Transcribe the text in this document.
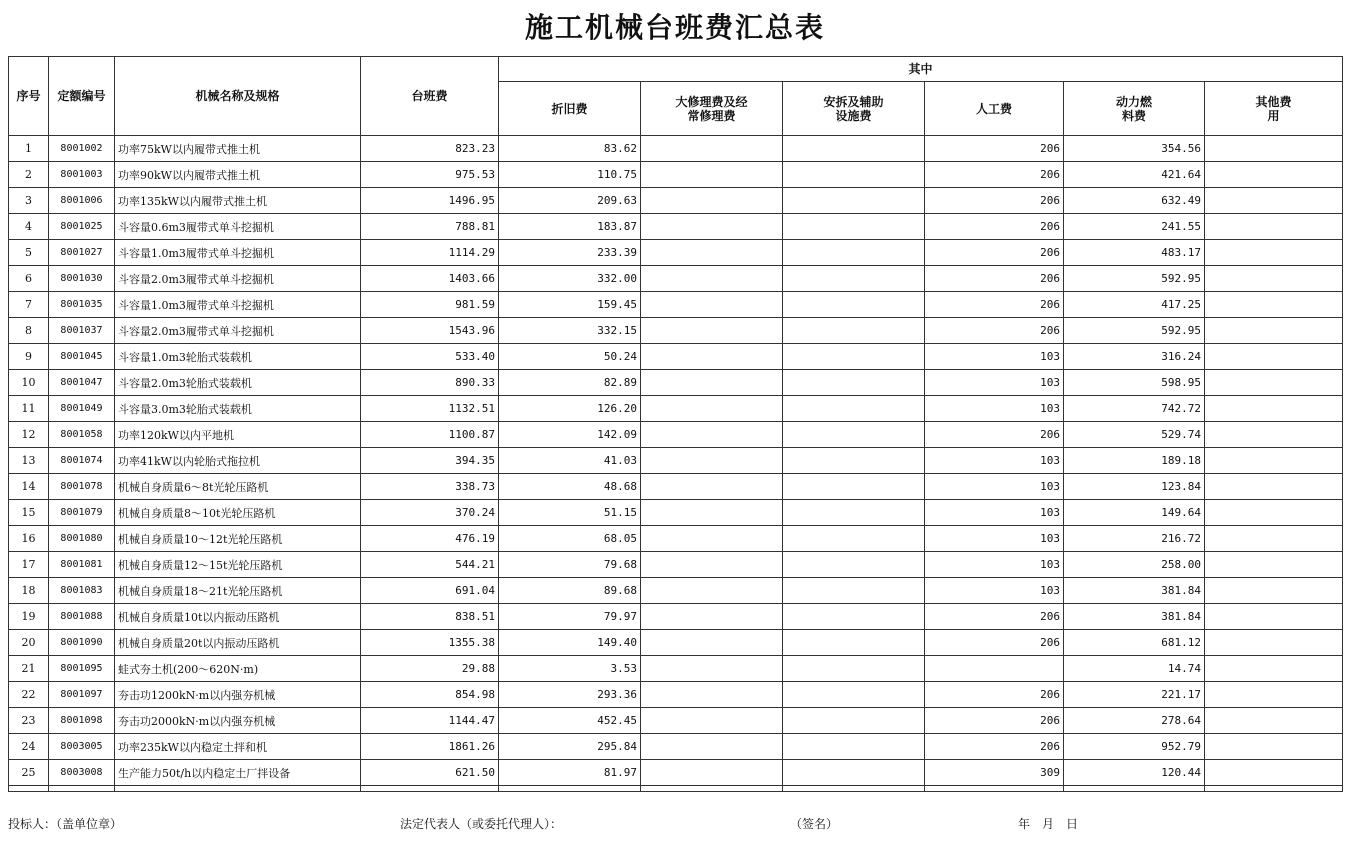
施工机械台班费汇总表
序号	定额编号	机械名称及规格	台班费	其中					
				折旧费	大修理费及经常修理费	安拆及辅助设施费	人工费	动力燃料费	其他费用
1	8001002	功率75kW以内履带式推土机	823.23	83.62			206	354.56	
2	8001003	功率90kW以内履带式推土机	975.53	110.75			206	421.64	
3	8001006	功率135kW以内履带式推土机	1496.95	209.63			206	632.49	
4	8001025	斗容量0.6m3履带式单斗挖掘机	788.81	183.87			206	241.55	
5	8001027	斗容量1.0m3履带式单斗挖掘机	1114.29	233.39			206	483.17	
6	8001030	斗容量2.0m3履带式单斗挖掘机	1403.66	332.00			206	592.95	
7	8001035	斗容量1.0m3履带式单斗挖掘机	981.59	159.45			206	417.25	
8	8001037	斗容量2.0m3履带式单斗挖掘机	1543.96	332.15			206	592.95	
9	8001045	斗容量1.0m3轮胎式装载机	533.40	50.24			103	316.24	
10	8001047	斗容量2.0m3轮胎式装载机	890.33	82.89			103	598.95	
11	8001049	斗容量3.0m3轮胎式装载机	1132.51	126.20			103	742.72	
12	8001058	功率120kW以内平地机	1100.87	142.09			206	529.74	
13	8001074	功率41kW以内轮胎式拖拉机	394.35	41.03			103	189.18	
14	8001078	机械自身质量6～8t光轮压路机	338.73	48.68			103	123.84	
15	8001079	机械自身质量8～10t光轮压路机	370.24	51.15			103	149.64	
16	8001080	机械自身质量10～12t光轮压路机	476.19	68.05			103	216.72	
17	8001081	机械自身质量12～15t光轮压路机	544.21	79.68			103	258.00	
18	8001083	机械自身质量18～21t光轮压路机	691.04	89.68			103	381.84	
19	8001088	机械自身质量10t以内振动压路机	838.51	79.97			206	381.84	
20	8001090	机械自身质量20t以内振动压路机	1355.38	149.40			206	681.12	
21	8001095	蛙式夯土机(200～620N·m)	29.88	3.53				14.74	
22	8001097	夯击功1200kN·m以内强夯机械	854.98	293.36			206	221.17	
23	8001098	夯击功2000kN·m以内强夯机械	1144.47	452.45			206	278.64	
24	8003005	功率235kW以内稳定土拌和机	1861.26	295.84			206	952.79	
25	8003008	生产能力50t/h以内稳定土厂拌设备	621.50	81.97			309	120.44	

投标人：（盖单位章）	法定代表人（或委托代理人）：	（签名）	年　月　日
